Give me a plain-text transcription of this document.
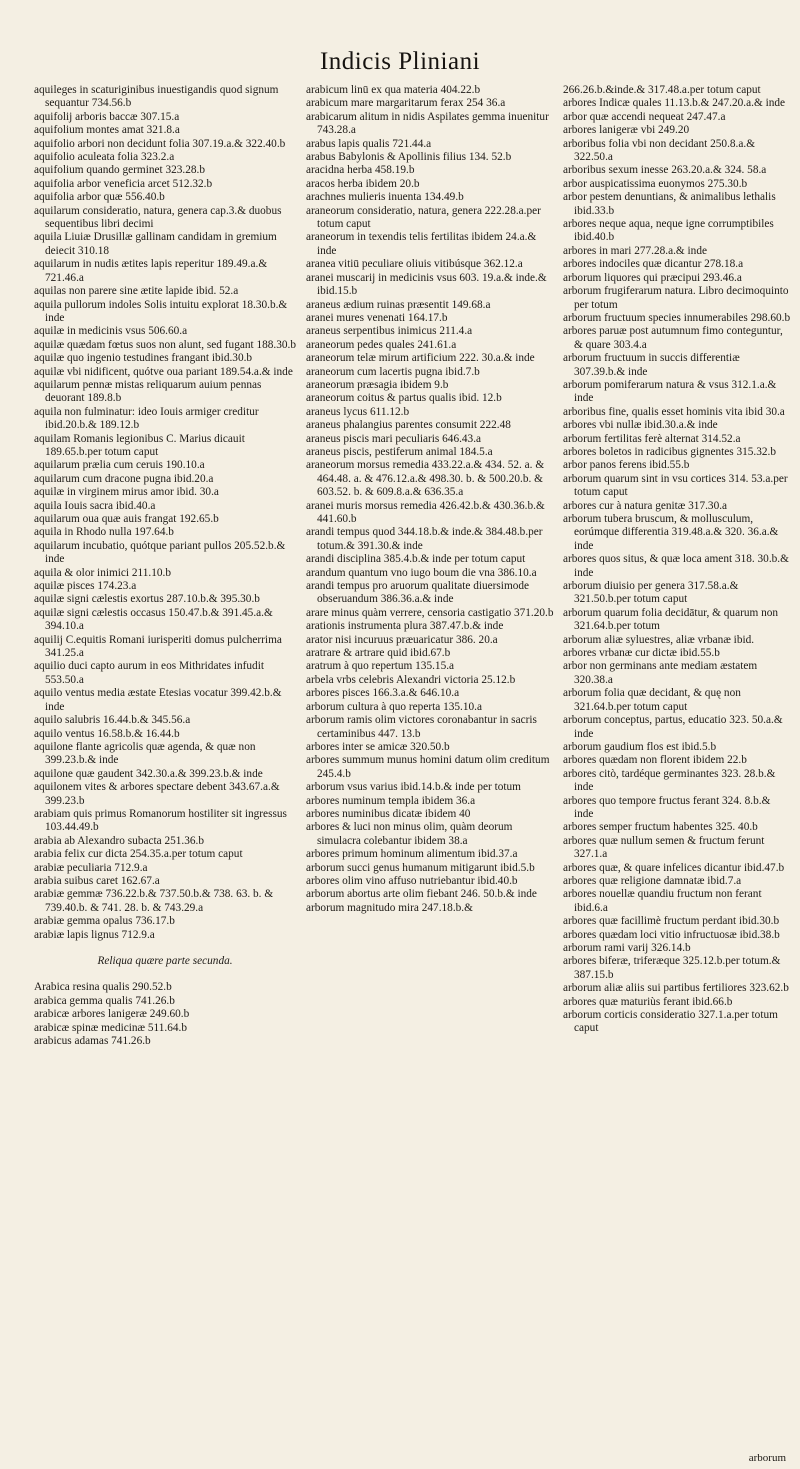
Indicis Pliniani

aquileges in scaturiginibus inuestigandis quod signum sequantur 734.56.b

aquifolij arboris baccæ 307.15.a

aquifolium montes amat 321.8.a

aquifolio arbori non decidunt folia 307.19.a.& 322.40.b

aquifolio aculeata folia 323.2.a

aquifolium quando germinet 323.28.b

aquifolia arbor veneficia arcet 512.32.b

aquifolia arbor quæ 556.40.b

aquilarum consideratio, natura, genera cap.3.& duobus sequentibus libri decimi

aquila Liuiæ Drusillæ gallinam candidam in gremium deiecit 310.18

aquilarum in nudis ætites lapis reperitur 189.49.a.& 721.46.a

aquilas non parere sine ætite lapide ibid. 52.a

aquila pullorum indoles Solis intuitu explorat 18.30.b.& inde

aquilæ in medicinis vsus 506.60.a

aquilæ quædam fœtus suos non alunt, sed fugant 188.30.b

aquilæ quo ingenio testudines frangant ibid.30.b

aquilæ vbi nidificent, quótve oua pariant 189.54.a.& inde

aquilarum pennæ mistas reliquarum auium pennas deuorant 189.8.b

aquila non fulminatur: ideo Iouis armiger creditur ibid.20.b.& 189.12.b

aquilam Romanis legionibus C. Marius dicauit 189.65.b.per totum caput

aquilarum prælia cum ceruis 190.10.a

aquilarum cum dracone pugna ibid.20.a

aquilæ in virginem mirus amor ibid. 30.a

aquila Iouis sacra ibid.40.a

aquilarum oua quæ auis frangat 192.65.b

aquila in Rhodo nulla 197.64.b

aquilarum incubatio, quótque pariant pullos 205.52.b.& inde

aquila & olor inimici 211.10.b

aquilæ pisces 174.23.a

aquilæ signi cælestis exortus 287.10.b.& 395.30.b

aquilæ signi cælestis occasus 150.47.b.& 391.45.a.& 394.10.a

aquilij C.equitis Romani iurisperiti domus pulcherrima 341.25.a

aquilio duci capto aurum in eos Mithridates infudit 553.50.a

aquilo ventus media æstate Etesias vocatur 399.42.b.& inde

aquilo salubris 16.44.b.& 345.56.a

aquilo ventus 16.58.b.& 16.44.b

aquilone flante agricolis quæ agenda, & quæ non 399.23.b.& inde

aquilone quæ gaudent 342.30.a.& 399.23.b.& inde

aquilonem vites & arbores spectare debent 343.67.a.& 399.23.b

arabiam quis primus Romanorum hostiliter sit ingressus 103.44.49.b

arabia ab Alexandro subacta 251.36.b

arabia felix cur dicta 254.35.a.per totum caput

arabiæ peculiaria 712.9.a

arabia suibus caret 162.67.a

arabiæ gemmæ 736.22.b.& 737.50.b.& 738. 63. b. & 739.40.b. & 741. 28. b. & 743.29.a

arabiæ gemma opalus 736.17.b

arabiæ lapis lignus 712.9.a

Reliqua quære parte secunda.

Arabica resina qualis 290.52.b

arabica gemma qualis 741.26.b

arabicæ arbores lanigeræ 249.60.b

arabicæ spinæ medicinæ 511.64.b

arabicus adamas 741.26.b

arabicum linū ex qua materia 404.22.b

arabicum mare margaritarum ferax 254 36.a

arabicarum alitum in nidis Aspilates gemma inuenitur 743.28.a

arabus lapis qualis 721.44.a

arabus Babylonis & Apollinis filius 134. 52.b

aracidna herba 458.19.b

aracos herba ibidem 20.b

arachnes mulieris inuenta 134.49.b

araneorum consideratio, natura, genera 222.28.a.per totum caput

araneorum in texendis telis fertilitas ibidem 24.a.& inde

aranea vitiū peculiare oliuis vitibúsque 362.12.a

aranei muscarij in medicinis vsus 603. 19.a.& inde.& ibid.15.b

araneus ædium ruinas præsentit 149.68.a

aranei mures venenati 164.17.b

araneus serpentibus inimicus 211.4.a

araneorum pedes quales 241.61.a

araneorum telæ mirum artificium 222. 30.a.& inde

araneorum cum lacertis pugna ibid.7.b

araneorum præsagia ibidem 9.b

araneorum coitus & partus qualis ibid. 12.b

araneus lycus 611.12.b

araneus phalangius parentes consumit 222.48

araneus piscis mari peculiaris 646.43.a

araneus piscis, pestiferum animal 184.5.a

araneorum morsus remedia 433.22.a.& 434. 52. a. & 464.48. a. & 476.12.a.& 498.30. b. & 500.20.b. & 603.52. b. & 609.8.a.& 636.35.a

aranei muris morsus remedia 426.42.b.& 430.36.b.& 441.60.b

arandi tempus quod 344.18.b.& inde.& 384.48.b.per totum.& 391.30.& inde

arandi disciplina 385.4.b.& inde per totum caput

arandum quantum vno iugo boum die vna 386.10.a

arandi tempus pro aruorum qualitate diuersimode obseruandum 386.36.a.& inde

arare minus quàm verrere, censoria castigatio 371.20.b

arationis instrumenta plura 387.47.b.& inde

arator nisi incuruus præuaricatur 386. 20.a

aratrare & artrare quid ibid.67.b

aratrum à quo repertum 135.15.a

arbela vrbs celebris Alexandri victoria 25.12.b

arbores pisces 166.3.a.& 646.10.a

arborum cultura à quo reperta 135.10.a

arborum ramis olim victores coronabantur in sacris certaminibus 447. 13.b

arbores inter se amicæ 320.50.b

arbores summum munus homini datum olim creditum 245.4.b

arborum vsus varius ibid.14.b.& inde per totum

arbores numinum templa ibidem 36.a

arbores numinibus dicatæ ibidem 40

arbores & luci non minus olim, quàm deorum simulacra colebantur ibidem 38.a

arbores primum hominum alimentum ibid.37.a

arborum succi genus humanum mitigarunt ibid.5.b

arbores olim vino affuso nutriebantur ibid.40.b

arborum abortus arte olim fiebant 246. 50.b.& inde

arborum magnitudo mira 247.18.b.&

266.26.b.&inde.& 317.48.a.per totum caput

arbores Indicæ quales 11.13.b.& 247.20.a.& inde

arbor quæ accendi nequeat 247.47.a

arbores lanigeræ vbi 249.20

arboribus folia vbi non decidant 250.8.a.& 322.50.a

arboribus sexum inesse 263.20.a.& 324. 58.a

arbor auspicatissima euonymos 275.30.b

arbor pestem denuntians, & animalibus lethalis ibid.33.b

arbores neque aqua, neque igne corrumptibiles ibid.40.b

arbores in mari 277.28.a.& inde

arbores indociles quæ dicantur 278.18.a

arborum liquores qui præcipui 293.46.a

arborum frugiferarum natura. Libro decimoquinto per totum

arborum fructuum species innumerabiles 298.60.b

arbores paruæ post autumnum fimo conteguntur, & quare 303.4.a

arborum fructuum in succis differentiæ 307.39.b.& inde

arborum pomiferarum natura & vsus 312.1.a.& inde

arboribus fine, qualis esset hominis vita ibid 30.a

arbores vbi nullæ ibid.30.a.& inde

arborum fertilitas ferè alternat 314.52.a

arbores boletos in radicibus gignentes 315.32.b

arbor panos ferens ibid.55.b

arborum quarum sint in vsu cortices 314. 53.a.per totum caput

arbores cur à natura genitæ 317.30.a

arborum tubera bruscum, & mollusculum, eorúmque differentia 319.48.a.& 320. 36.a.& inde

arbores quos situs, & quæ loca ament 318. 30.b.& inde

arborum diuisio per genera 317.58.a.& 321.50.b.per totum caput

arborum quarum folia decidātur, & quarum non 321.64.b.per totum

arborum aliæ syluestres, aliæ vrbanæ ibid.

arbores vrbanæ cur dictæ ibid.55.b

arbor non germinans ante mediam æstatem 320.38.a

arborum folia quæ decidant, & quę non 321.64.b.per totum caput

arborum conceptus, partus, educatio 323. 50.a.& inde

arborum gaudium flos est ibid.5.b

arbores quædam non florent ibidem 22.b

arbores citò, tardéque germinantes 323. 28.b.& inde

arbores quo tempore fructus ferant 324. 8.b.& inde

arbores semper fructum habentes 325. 40.b

arbores quæ nullum semen & fructum ferunt 327.1.a

arbores quæ, & quare infelices dicantur ibid.47.b

arbores quæ religione damnatæ ibid.7.a

arbores nouellæ quandiu fructum non ferant ibid.6.a

arbores quæ facillimè fructum perdant ibid.30.b

arbores quædam loci vitio infructuosæ ibid.38.b

arborum rami varij 326.14.b

arbores biferæ, triferæque 325.12.b.per totum.& 387.15.b

arborum aliæ aliis sui partibus fertiliores 323.62.b

arbores quæ maturiùs ferant ibid.66.b

arborum corticis consideratio 327.1.a.per totum caput

arborum
